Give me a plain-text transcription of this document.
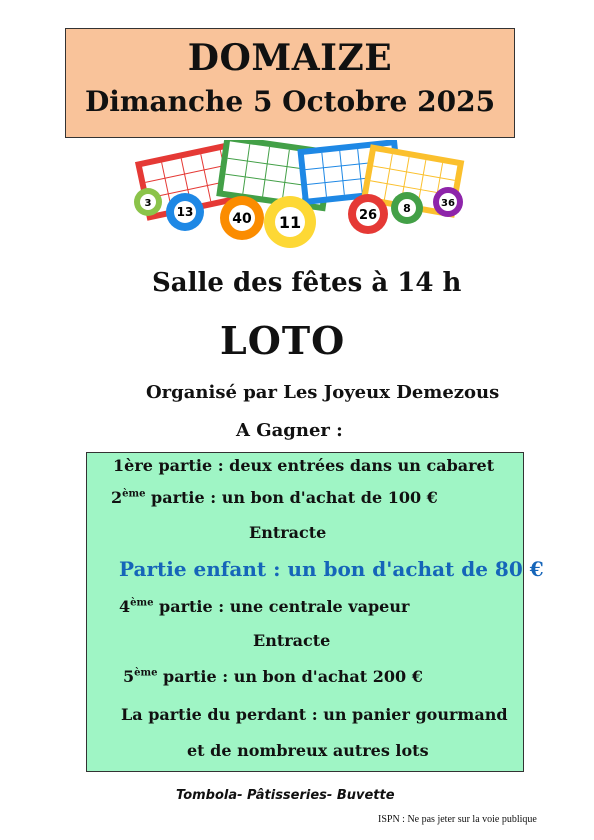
DOMAIZE
Dimanche 5 Octobre 2025
3
13	40 11	26 8	36
Salle des fêtes à 14 h
LOTO
Organisé par Les Joyeux Demezous
A Gagner :
1ère partie : deux entrées dans un cabaret
2ème partie : un bon d'achat de 100 €
Entracte
Partie enfant : un bon d'achat de 80 €
4ème partie : une centrale vapeur
Entracte
5ème partie : un bon d'achat 200 €
La partie du perdant : un panier gourmand
et de nombreux autres lots
Tombola- Pâtisseries- Buvette
ISPN : Ne pas jeter sur la voie publique
